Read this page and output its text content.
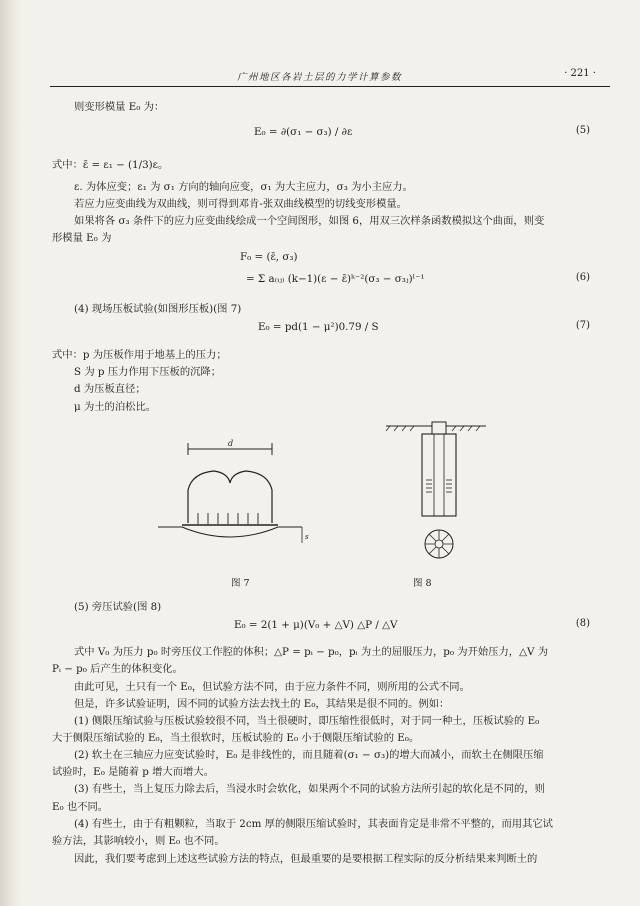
广州地区各岩土层的力学计算参数	· 221 ·
则变形模量 E₀ 为：
E₀ = ∂(σ₁ − σ₃) / ∂ε	(5)
式中：ε̄ = ε₁ − (1/3)ε。
ε. 为体应变；ε₁ 为 σ₁ 方向的轴向应变，σ₁ 为大主应力，σ₃ 为小主应力。
若应力应变曲线为双曲线，则可得到邓肯-张双曲线模型的切线变形模量。
如果将各 σ₃ 条件下的应力应变曲线绘成一个空间图形，如图 6，用双三次样条函数模拟这个曲面，则变
形模量 E₀ 为
F₀ = (ε̄, σ₃)
= Σ a₍ᵢⱼ₎ (k−1)(ε − ε̄)ᵏ⁻²(σ₃ − σ₃ⱼ)ˡ⁻¹	(6)
(4) 现场压板试验(如图形压板)(图 7)
E₀ = pd(1 − μ²)0.79 / S	(7)
式中：p 为压板作用于地基上的压力；
S 为 p 压力作用下压板的沉降；
d 为压板直径；
μ 为土的泊松比。
d
s
图 7	图 8
(5) 旁压试验(图 8)
E₀ = 2(1 + μ)(V₀ + △V) △P / △V	(8)
式中 V₀ 为压力 p₀ 时旁压仪工作腔的体积；△P = pᵢ − p₀，pᵢ 为土的屈服压力，p₀ 为开始压力，△V 为
Pᵢ − p₀ 后产生的体积变化。
由此可见，土只有一个 E₀，但试验方法不同，由于应力条件不同，则所用的公式不同。
但是，许多试验证明，因不同的试验方法去找土的 E₀，其结果是很不同的。例如：
(1) 侧限压缩试验与压板试验较很不同，当土很硬时，即压缩性很低时，对于同一种土，压板试验的 E₀
大于侧限压缩试验的 E₀，当土很软时，压板试验的 E₀ 小于侧限压缩试验的 E₀。
(2) 软土在三轴应力应变试验时，E₀ 是非线性的，而且随着(σ₁ − σ₃)的增大而减小，而软土在侧限压缩
试验时，E₀ 是随着 p 增大而增大。
(3) 有些土，当上复压力除去后，当浸水时会软化，如果两个不同的试验方法所引起的软化是不同的，则
E₀ 也不同。
(4) 有些土，由于有粗颗粒，当取于 2cm 厚的侧限压缩试验时，其表面肯定是非常不平整的，而用其它试
验方法，其影响较小，则 E₀ 也不同。
因此，我们要考虑到上述这些试验方法的特点，但最重要的是要根据工程实际的反分析结果来判断土的
